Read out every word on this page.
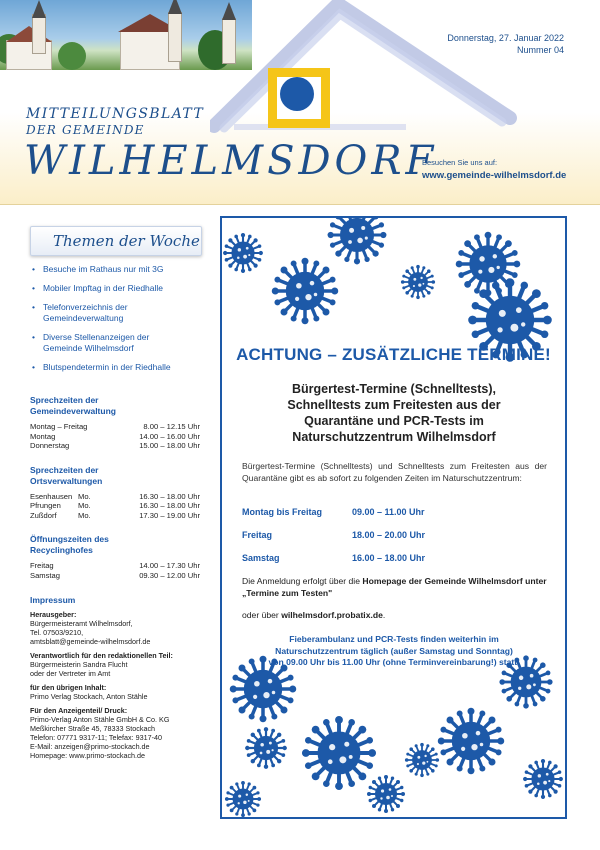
Donnerstag, 27. Januar 2022
Nummer 04
MITTEILUNGSBLATT
DER GEMEINDE
WILHELMSDORF
Besuchen Sie uns auf:
www.gemeinde-wilhelmsdorf.de
Themen der Woche
• Besuche im Rathaus nur mit 3G
• Mobiler Impftag in der Riedhalle
• Telefonverzeichnis der Gemeindeverwaltung
• Diverse Stellenanzeigen der Gemeinde Wilhelmsdorf
• Blutspendetermin in der Riedhalle
Sprechzeiten der Gemeindeverwaltung
Montag – Freitag	8.00 – 12.15 Uhr
Montag	14.00 – 16.00 Uhr
Donnerstag	15.00 – 18.00 Uhr
Sprechzeiten der Ortsverwaltungen
Esenhausen	Mo.	16.30 – 18.00 Uhr
Pfrungen	Mo.	16.30 – 18.00 Uhr
Zußdorf	Mo.	17.30 – 19.00 Uhr
Öffnungszeiten des Recyclinghofes
Freitag	14.00 – 17.30 Uhr
Samstag	09.30 – 12.00 Uhr
Impressum
Herausgeber:
Bürgermeisteramt Wilhelmsdorf,
Tel. 07503/9210,
amtsblatt@gemeinde-wilhelmsdorf.de
Verantwortlich für den redaktionellen Teil:
Bürgermeisterin Sandra Flucht
oder der Vertreter im Amt
für den übrigen Inhalt:
Primo Verlag Stockach, Anton Stähle
Für den Anzeigenteil/ Druck:
Primo-Verlag Anton Stähle GmbH & Co. KG
Meßkircher Straße 45, 78333 Stockach
Telefon: 07771 9317-11; Telefax: 9317-40
E-Mail: anzeigen@primo-stockach.de
Homepage: www.primo-stockach.de
ACHTUNG – ZUSÄTZLICHE TERMINE!
Bürgertest-Termine (Schnelltests),
Schnelltests zum Freitesten aus der
Quarantäne und PCR-Tests im
Naturschutzzentrum Wilhelmsdorf
Bürgertest-Termine (Schnelltests) und Schnelltests zum Freitesten aus der Quarantäne gibt es ab sofort zu folgenden Zeiten im Naturschutzzentrum:
Montag bis Freitag	09.00 – 11.00 Uhr
Freitag	18.00 – 20.00 Uhr
Samstag	16.00 – 18.00 Uhr
Die Anmeldung erfolgt über die Homepage der Gemeinde Wilhelmsdorf unter „Termine zum Testen"
oder über wilhelmsdorf.probatix.de.
Fieberambulanz und PCR-Tests finden weiterhin im
Naturschutzzentrum täglich (außer Samstag und Sonntag)
von 09.00 Uhr bis 11.00 Uhr (ohne Terminvereinbarung!) statt.
